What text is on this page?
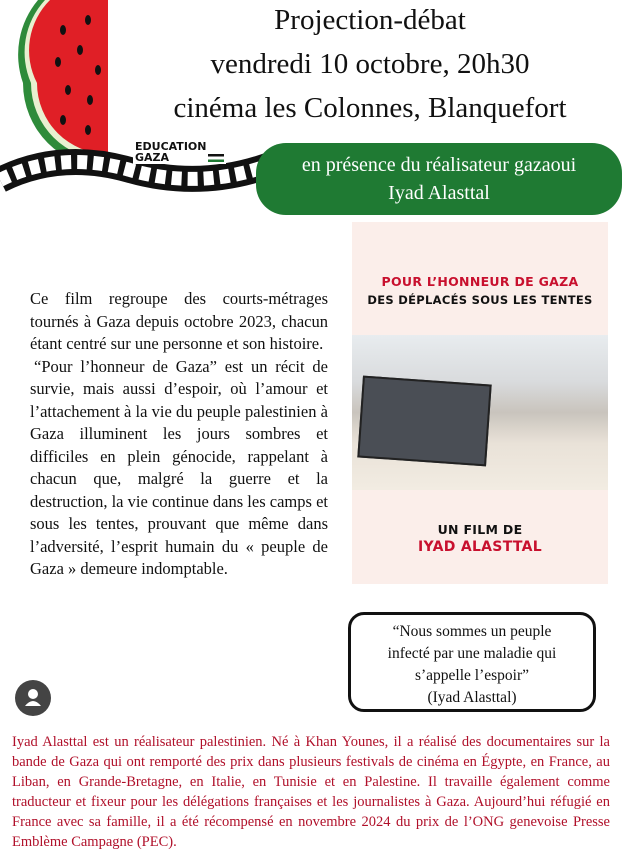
EDUCATION GAZA
Projection-débat
vendredi 10 octobre, 20h30
cinéma les Colonnes, Blanquefort
en présence du réalisateur gazaoui
Iyad Alasttal

Ce film regroupe des courts-métrages tournés à Gaza depuis octobre 2023, chacun étant centré sur une personne et son histoire.

“Pour l’honneur de Gaza” est un récit de survie, mais aussi d’espoir, où l’amour et l’attachement à la vie du peuple palestinien à Gaza illuminent les jours sombres et difficiles en plein génocide, rappelant à chacun que, malgré la guerre et la destruction, la vie continue dans les camps et sous les tentes, prouvant que même dans l’adversité, l’esprit humain du « peuple de Gaza » demeure indomptable.

POUR L’HONNEUR DE GAZA
DES DÉPLACÉS SOUS LES TENTES
UN FILM DE
IYAD ALASTTAL
“Nous sommes un peuple infecté par une maladie qui s’appelle l’espoir”
(Iyad Alasttal)
Iyad Alasttal est un réalisateur palestinien. Né à Khan Younes, il a réalisé des documentaires sur la bande de Gaza qui ont remporté des prix dans plusieurs festivals de cinéma en Égypte, en France, au Liban, en Grande-Bretagne, en Italie, en Tunisie et en Palestine. Il travaille également comme traducteur et fixeur pour les délégations françaises et les journalistes à Gaza. Aujourd’hui réfugié en France avec sa famille, il a été récompensé en novembre 2024 du prix de l’ONG genevoise Presse Emblème Campagne (PEC).
